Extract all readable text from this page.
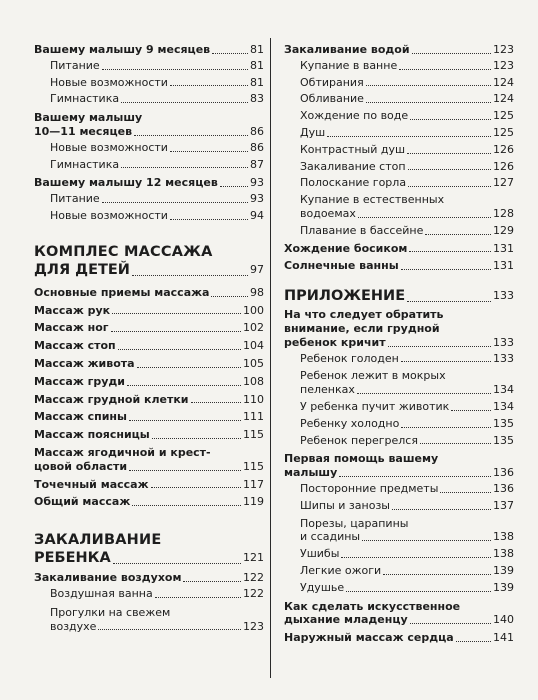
Вашему малышу 9 месяцев	81
Питание	81
Новые возможности	81
Гимнастика	83
Вашему малышу
10—11 месяцев	86
Новые возможности	86
Гимнастика	87
Вашему малышу 12 месяцев	93
Питание	93
Новые возможности	94
КОМПЛЕС МАССАЖА
ДЛЯ ДЕТЕЙ	97
Основные приемы массажа	98
Массаж рук	100
Массаж ног	102
Массаж стоп	104
Массаж живота	105
Массаж груди	108
Массаж грудной клетки	110
Массаж спины	111
Массаж поясницы	115
Массаж ягодичной и крест-
цовой области	115
Точечный массаж	117
Общий массаж	119
ЗАКАЛИВАНИЕ
РЕБЕНКА	121
Закаливание воздухом	122
Воздушная ванна	122
Прогулки на свежем
воздухе	123
Закаливание водой	123
Купание в ванне	123
Обтирания	124
Обливание	124
Хождение по воде	125
Душ	125
Контрастный душ	126
Закаливание стоп	126
Полоскание горла	127
Купание в естественных
водоемах	128
Плавание в бассейне	129
Хождение босиком	131
Солнечные ванны	131
ПРИЛОЖЕНИЕ	133
На что следует обратить
внимание, если грудной
ребенок кричит	133
Ребенок голоден	133
Ребенок лежит в мокрых
пеленках	134
У ребенка пучит животик	134
Ребенку холодно	135
Ребенок перегрелся	135
Первая помощь вашему
малышу	136
Посторонние предметы	136
Шипы и занозы	137
Порезы, царапины
и ссадины	138
Ушибы	138
Легкие ожоги	139
Удушье	139
Как сделать искусственное
дыхание младенцу	140
Наружный массаж сердца	141
